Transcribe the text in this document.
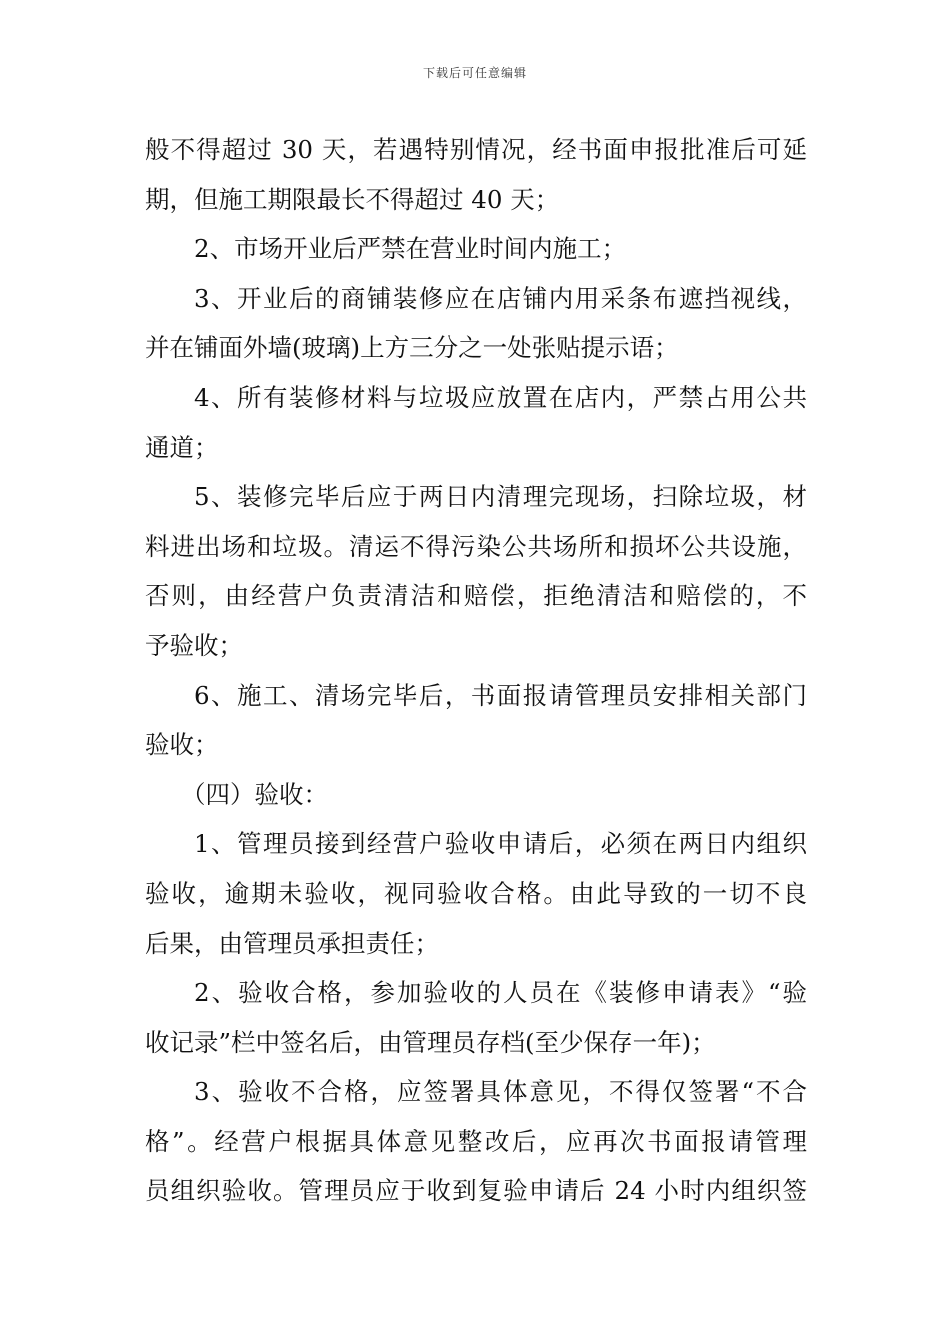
下载后可任意编辑
般不得超过 30 天，若遇特别情况，经书面申报批准后可延
期，但施工期限最长不得超过 40 天；
2、市场开业后严禁在营业时间内施工；
3、开业后的商铺装修应在店铺内用采条布遮挡视线，
并在铺面外墙(玻璃)上方三分之一处张贴提示语；
4、所有装修材料与垃圾应放置在店内，严禁占用公共
通道；
5、装修完毕后应于两日内清理完现场，扫除垃圾，材
料进出场和垃圾。清运不得污染公共场所和损坏公共设施，
否则，由经营户负责清洁和赔偿，拒绝清洁和赔偿的，不
予验收；
6、施工、清场完毕后，书面报请管理员安排相关部门
验收；
（四）验收：
1、管理员接到经营户验收申请后，必须在两日内组织
验收，逾期未验收，视同验收合格。由此导致的一切不良
后果，由管理员承担责任；
2、验收合格，参加验收的人员在《装修申请表》“验
收记录”栏中签名后，由管理员存档(至少保存一年)；
3、验收不合格，应签署具体意见，不得仅签署“不合
格”。经营户根据具体意见整改后，应再次书面报请管理
员组织验收。管理员应于收到复验申请后 24 小时内组织签
